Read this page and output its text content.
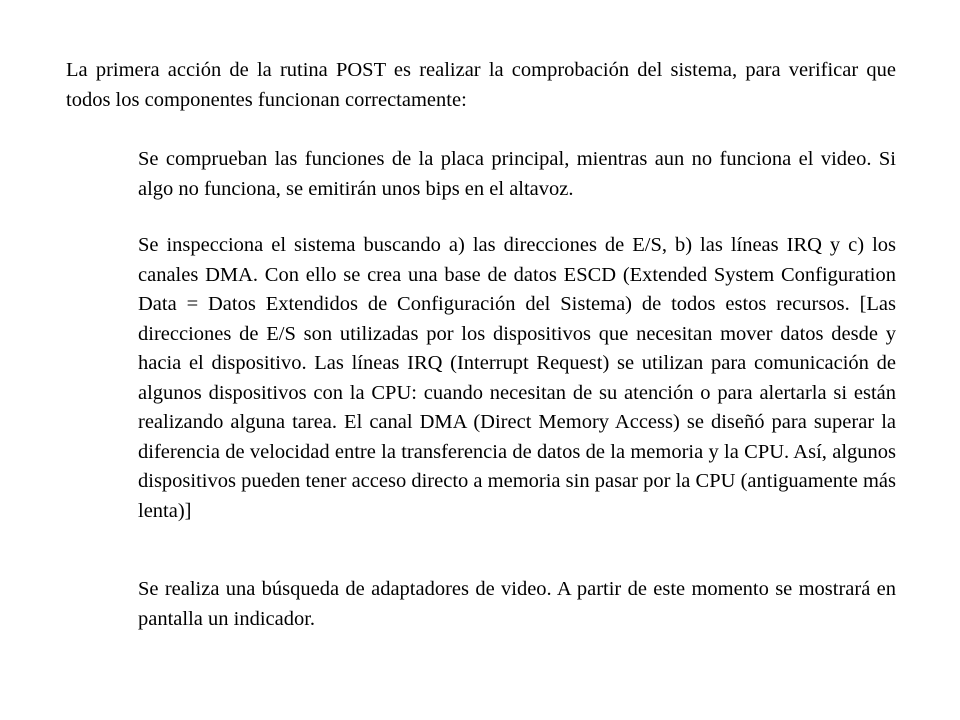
La primera acción de la rutina POST es realizar la comprobación del sistema, para verificar que todos los componentes funcionan correctamente:

Se comprueban las funciones de la placa principal, mientras aun no funciona el video. Si algo no funciona, se emitirán unos bips en el altavoz.

Se inspecciona el sistema buscando a) las direcciones de E/S, b) las líneas IRQ y c) los canales DMA. Con ello se crea una base de datos ESCD (Extended System Configuration Data = Datos Extendidos de Configuración del Sistema) de todos estos recursos. [Las direcciones de E/S son utilizadas por los dispositivos que necesitan mover datos desde y hacia el dispositivo. Las líneas IRQ (Interrupt Request) se utilizan para comunicación de algunos dispositivos con la CPU: cuando necesitan de su atención o para alertarla si están realizando alguna tarea. El canal DMA (Direct Memory Access) se diseñó para superar la diferencia de velocidad entre la transferencia de datos de la memoria y la CPU. Así, algunos dispositivos pueden tener acceso directo a memoria sin pasar por la CPU (antiguamente más lenta)]

Se realiza una búsqueda de adaptadores de video. A partir de este momento se mostrará en pantalla un indicador.
